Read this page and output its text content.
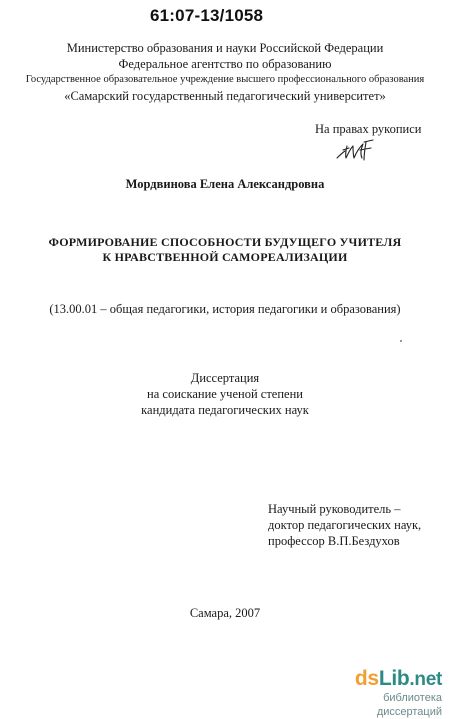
61:07-13/1058
Министерство образования и науки Российской Федерации
Федеральное агентство по образованию
Государственное образовательное учреждение высшего профессионального образования
«Самарский государственный педагогический университет»
На правах рукописи
Мордвинова Елена Александровна
ФОРМИРОВАНИЕ СПОСОБНОСТИ БУДУЩЕГО УЧИТЕЛЯ
К НРАВСТВЕННОЙ САМОРЕАЛИЗАЦИИ
(13.00.01 – общая педагогики, история педагогики и образования)
Диссертация
на соискание ученой степени
кандидата педагогических наук
Научный руководитель –
доктор педагогических наук,
профессор В.П.Бездухов
Самара, 2007
dsLib.net
библиотека диссертаций
